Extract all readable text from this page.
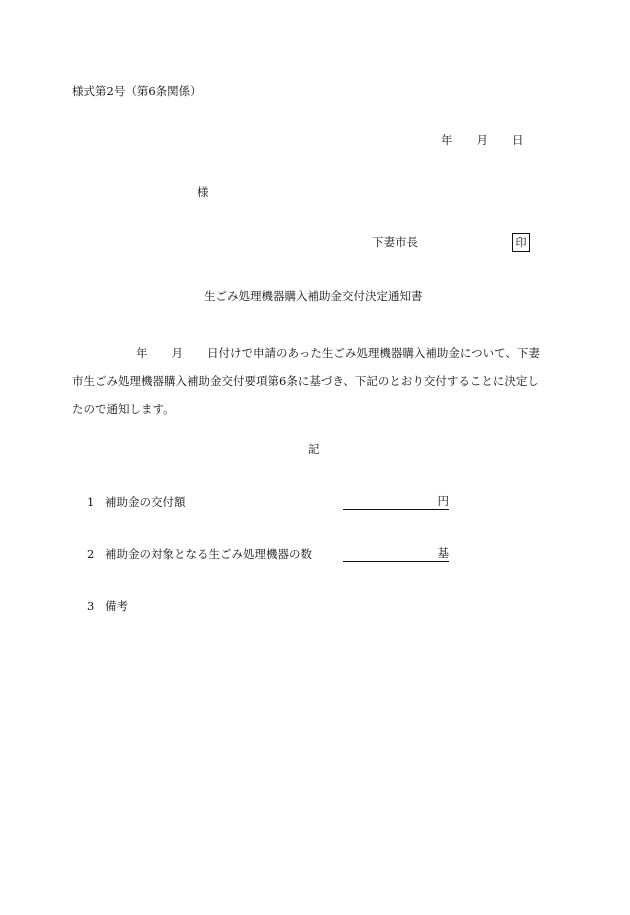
様式第2号（第6条関係）
年 月 日
様
下妻市長	印
生ごみ処理機器購入補助金交付決定通知書
年 月 日付けで申請のあった生ごみ処理機器購入補助金について、下妻
市生ごみ処理機器購入補助金交付要項第6条に基づき、下記のとおり交付することに決定し
たので通知します。
記
1 補助金の交付額	円
2 補助金の対象となる生ごみ処理機器の数	基
3 備考
